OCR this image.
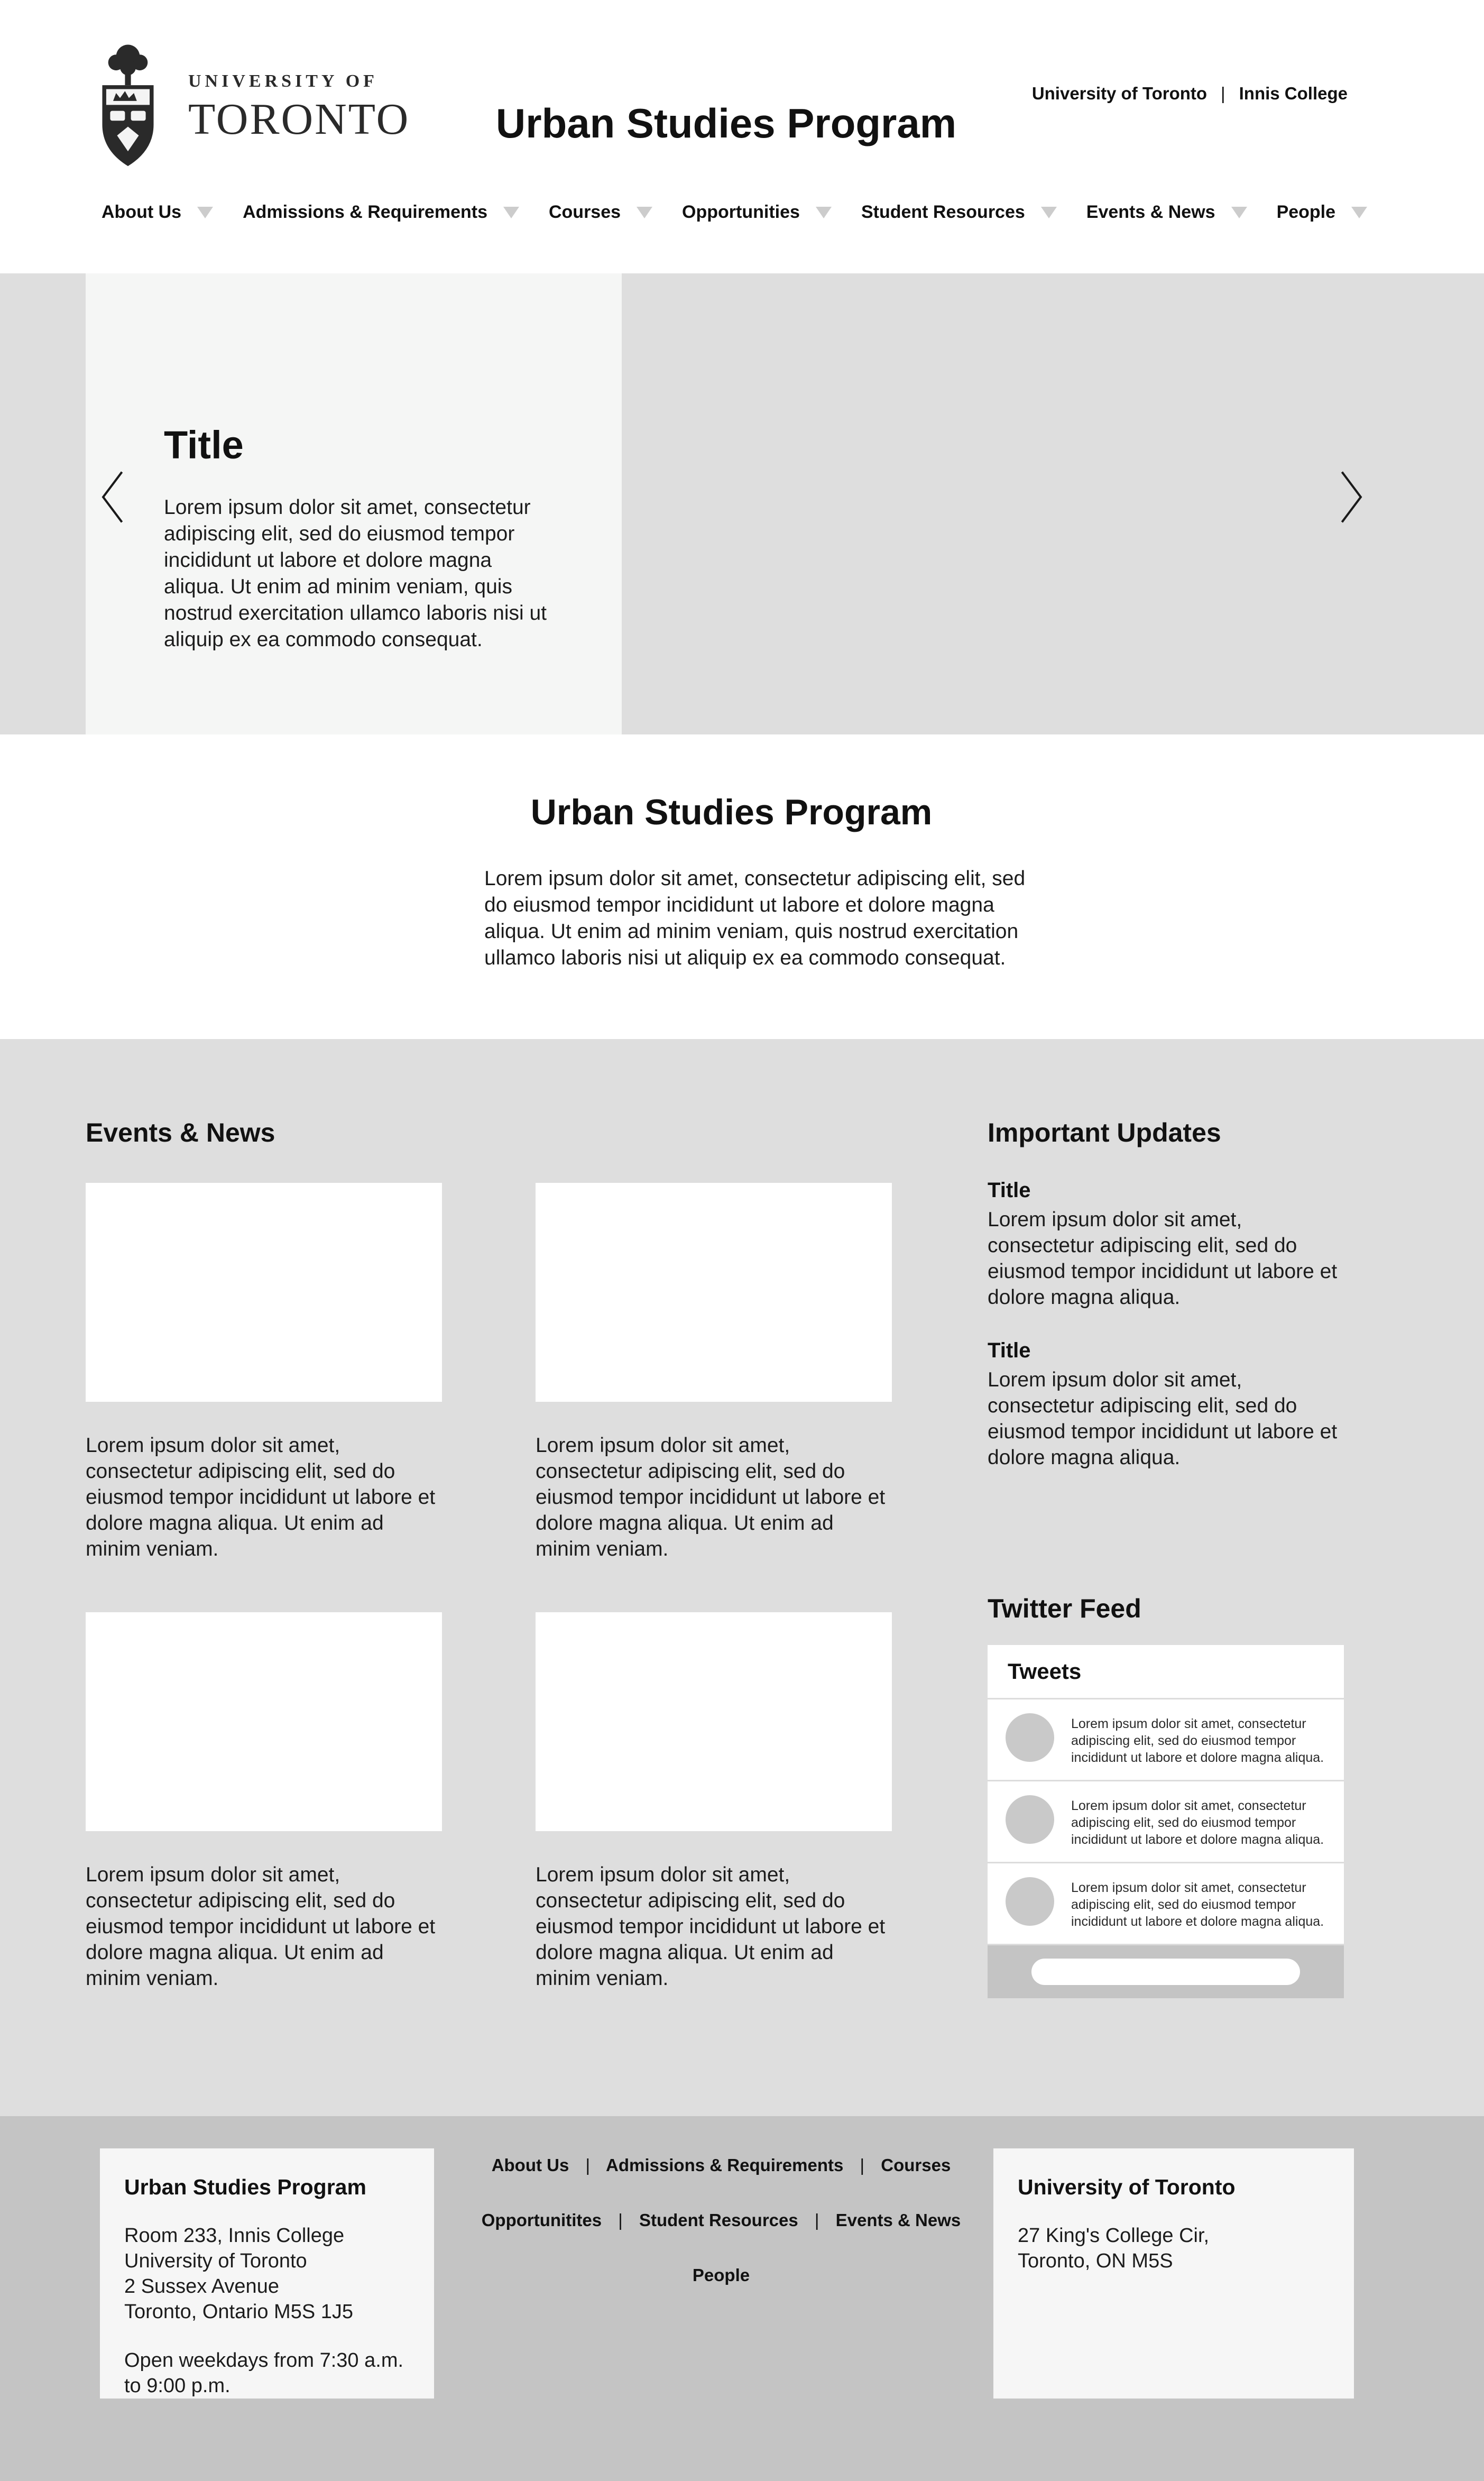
UNIVERSITY OF
TORONTO	Urban Studies Program
University of Toronto | Innis College
About Us	Admissions & Requirements	Courses	Opportunities	Student Resources	Events & News	People
Title
Lorem ipsum dolor sit amet, consectetur adipiscing elit, sed do eiusmod tempor incididunt ut labore et dolore magna aliqua. Ut enim ad minim veniam, quis nostrud exercitation ullamco laboris nisi ut aliquip ex ea commodo consequat.
Urban Studies Program
Lorem ipsum dolor sit amet, consectetur adipiscing elit, sed do eiusmod tempor incididunt ut labore et dolore magna aliqua. Ut enim ad minim veniam, quis nostrud exercitation ullamco laboris nisi ut aliquip ex ea commodo consequat.
Events & News
Lorem ipsum dolor sit amet, consectetur adipiscing elit, sed do eiusmod tempor incididunt ut labore et dolore magna aliqua. Ut enim ad minim veniam.
Lorem ipsum dolor sit amet, consectetur adipiscing elit, sed do eiusmod tempor incididunt ut labore et dolore magna aliqua. Ut enim ad minim veniam.
Lorem ipsum dolor sit amet, consectetur adipiscing elit, sed do eiusmod tempor incididunt ut labore et dolore magna aliqua. Ut enim ad minim veniam.
Lorem ipsum dolor sit amet, consectetur adipiscing elit, sed do eiusmod tempor incididunt ut labore et dolore magna aliqua. Ut enim ad minim veniam.
Important Updates
Title
Lorem ipsum dolor sit amet, consectetur adipiscing elit, sed do eiusmod tempor incididunt ut labore et dolore magna aliqua.
Title
Lorem ipsum dolor sit amet, consectetur adipiscing elit, sed do eiusmod tempor incididunt ut labore et dolore magna aliqua.
Twitter Feed
Tweets
Lorem ipsum dolor sit amet, consectetur adipiscing elit, sed do eiusmod tempor incididunt ut labore et dolore magna aliqua.
Lorem ipsum dolor sit amet, consectetur adipiscing elit, sed do eiusmod tempor incididunt ut labore et dolore magna aliqua.
Lorem ipsum dolor sit amet, consectetur adipiscing elit, sed do eiusmod tempor incididunt ut labore et dolore magna aliqua.
Urban Studies Program
Room 233, Innis College
University of Toronto
2 Sussex Avenue
Toronto, Ontario M5S 1J5
Open weekdays from 7:30 a.m. to 9:00 p.m.
About Us | Admissions & Requirements | Courses
Opportunitites | Student Resources | Events & News
People
University of Toronto
27 King's College Cir,
Toronto, ON M5S
